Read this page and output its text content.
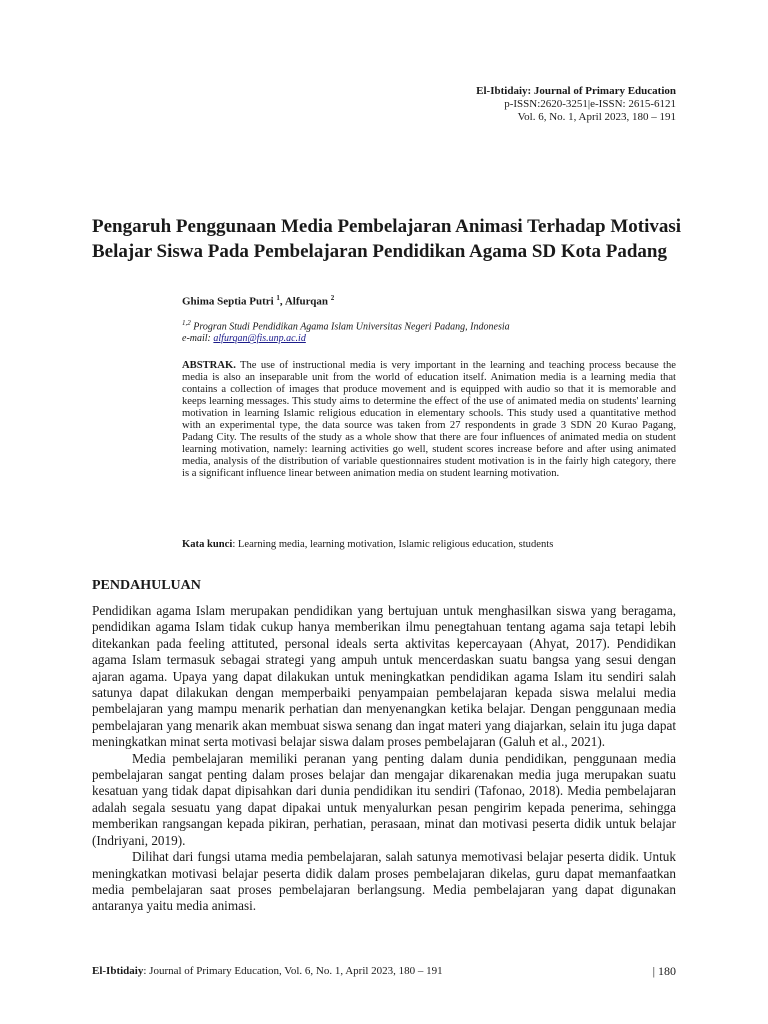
El-Ibtidaiy: Journal of Primary Education
p-ISSN:2620-3251|e-ISSN: 2615-6121
Vol. 6, No. 1, April 2023, 180 – 191
Pengaruh Penggunaan Media Pembelajaran Animasi Terhadap Motivasi Belajar Siswa Pada Pembelajaran Pendidikan Agama SD Kota Padang
Ghima Septia Putri $^1$, Alfurqan $^2$
$^{1,2}$ Progran Studi Pendidikan Agama Islam Universitas Negeri Padang, Indonesia
e-mail: alfurqan@fis.unp.ac.id
ABSTRAK. The use of instructional media is very important in the learning and teaching process because the media is also an inseparable unit from the world of education itself. Animation media is a learning media that contains a collection of images that produce movement and is equipped with audio so that it is memorable and keeps learning messages. This study aims to determine the effect of the use of animated media on students' learning motivation in learning Islamic religious education in elementary schools. This study used a quantitative method with an experimental type, the data source was taken from 27 respondents in grade 3 SDN 20 Kurao Pagang, Padang City. The results of the study as a whole show that there are four influences of animated media on student learning motivation, namely: learning activities go well, student scores increase before and after using animated media, analysis of the distribution of variable questionnaires student motivation is in the fairly high category, there is a significant influence linear between animation media on student learning motivation.
Kata kunci: Learning media, learning motivation, Islamic religious education, students
PENDAHULUAN

Pendidikan agama Islam merupakan pendidikan yang bertujuan untuk menghasilkan siswa yang beragama, pendidikan agama Islam tidak cukup hanya memberikan ilmu penegtahuan tentang agama saja tetapi lebih ditekankan pada feeling attituted, personal ideals serta aktivitas kepercayaan (Ahyat, 2017). Pendidikan agama Islam termasuk sebagai strategi yang ampuh untuk mencerdaskan suatu bangsa yang sesui dengan ajaran agama. Upaya yang dapat dilakukan untuk meningkatkan pendidikan agama Islam itu sendiri salah satunya dapat dilakukan dengan memperbaiki penyampaian pembelajaran kepada siswa melalui media pembelajaran yang mampu menarik perhatian dan menyenangkan ketika belajar. Dengan penggunaan media pembelajaran yang menarik akan membuat siswa senang dan ingat materi yang diajarkan, selain itu juga dapat meningkatkan minat serta motivasi belajar siswa dalam proses pembelajaran (Galuh et al., 2021).

Media pembelajaran memiliki peranan yang penting dalam dunia pendidikan, penggunaan media pembelajaran sangat penting dalam proses belajar dan mengajar dikarenakan media juga merupakan suatu kesatuan yang tidak dapat dipisahkan dari dunia pendidikan itu sendiri (Tafonao, 2018). Media pembelajaran adalah segala sesuatu yang dapat dipakai untuk menyalurkan pesan pengirim kepada penerima, sehingga memberikan rangsangan kepada pikiran, perhatian, perasaan, minat dan motivasi peserta didik untuk belajar (Indriyani, 2019).

Dilihat dari fungsi utama media pembelajaran, salah satunya memotivasi belajar peserta didik. Untuk meningkatkan motivasi belajar peserta didik dalam proses pembelajaran dikelas, guru dapat memanfaatkan media pembelajaran saat proses pembelajaran berlangsung. Media pembelajaran yang dapat digunakan antaranya yaitu media animasi.

El-Ibtidaiy: Journal of Primary Education, Vol. 6, No. 1, April 2023, 180 – 191	| 180
